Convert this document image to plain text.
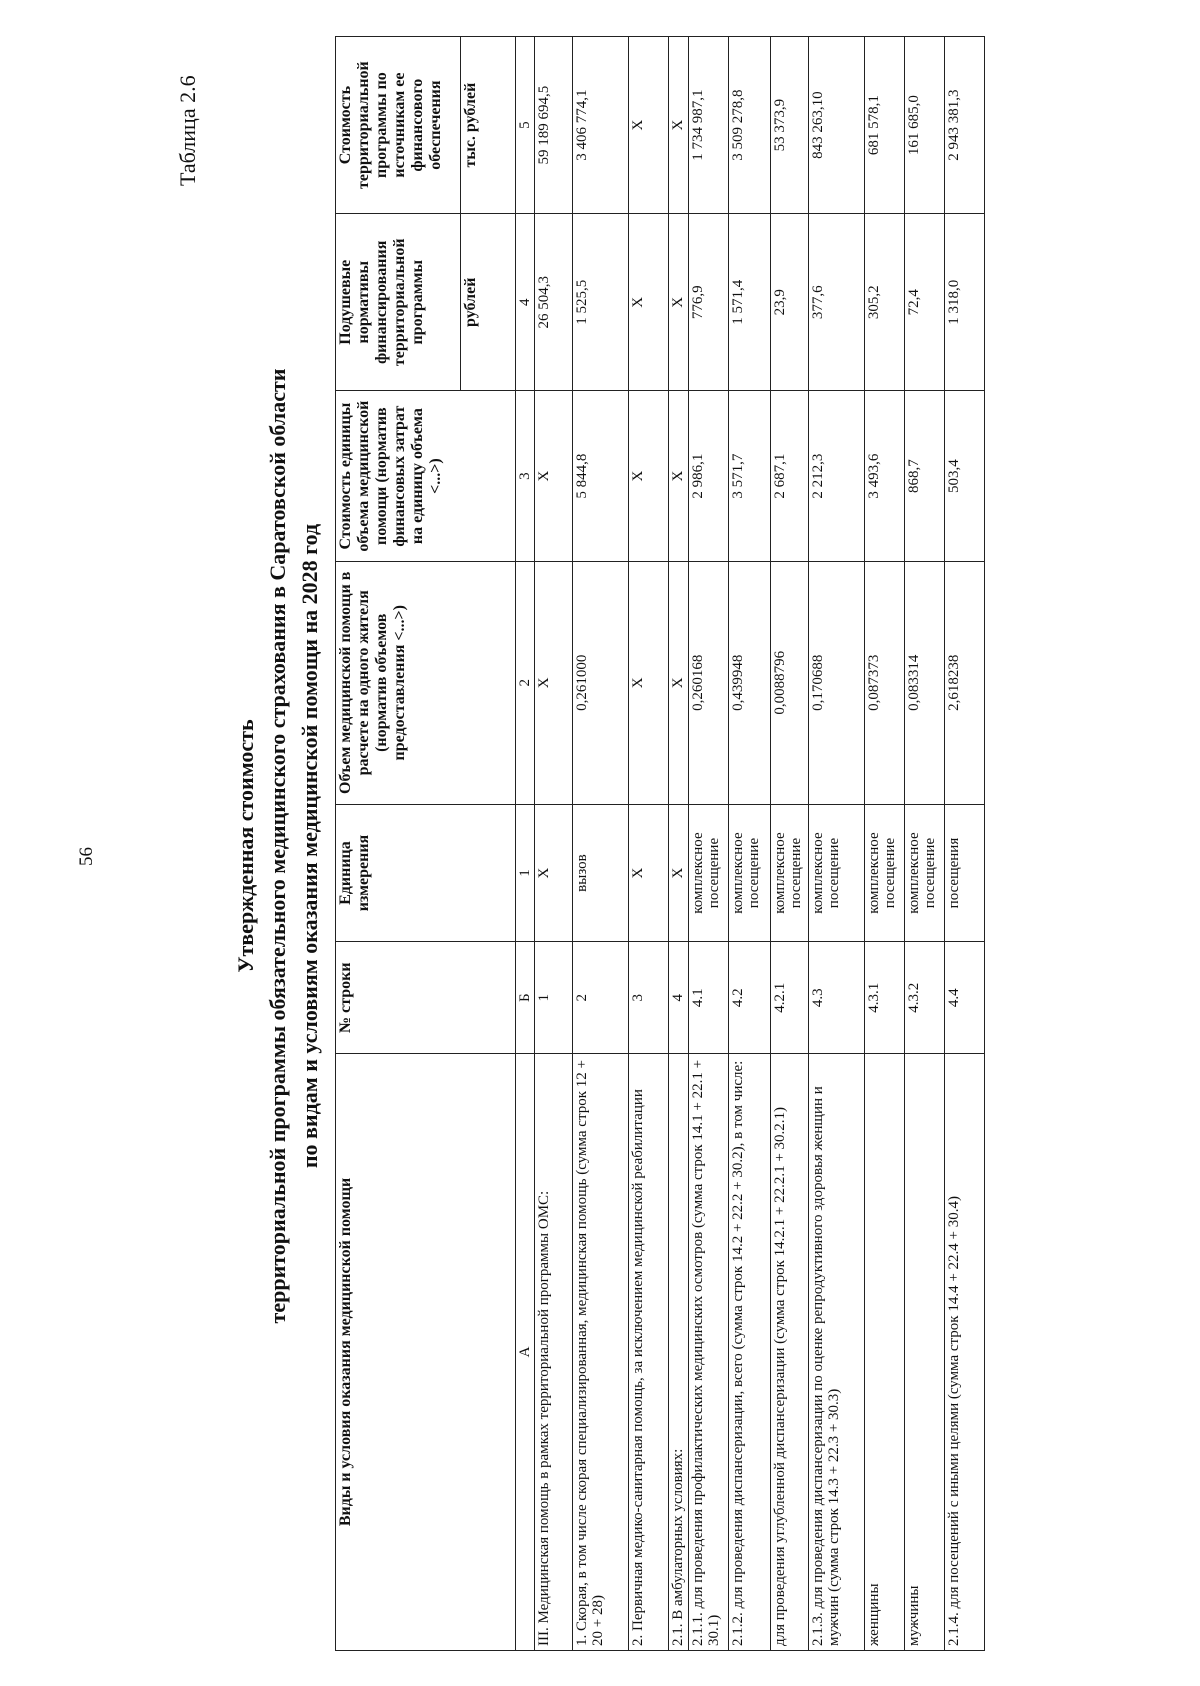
56
Таблица 2.6
Утвержденная стоимость территориальной программы обязательного медицинского страхования в Саратовской области по видам и условиям оказания медицинской помощи на 2028 год
Виды и условия оказания медицинской помощи	№ строки	Единица измерения	Объем медицинской помощи в расчете на одного жителя (норматив объемов предоставления <...>)	Стоимость единицы объема медицинской помощи (норматив финансовых затрат на единицу объема <...>)	Подушевые нормативы финансирования территориальной программы	Стоимость территориальной программы по источникам ее финансового обеспечения
					рублей	тыс. рублей
А	Б	1	2	3	4	5
III. Медицинская помощь в рамках территориальной программы ОМС:	1	X	X	X	26 504,3	59 189 694,5
1. Скорая, в том числе скорая специализированная, медицинская помощь (сумма строк 12 + 20 + 28)	2	вызов	0,261000	5 844,8	1 525,5	3 406 774,1
2. Первичная медико-санитарная помощь, за исключением медицинской реабилитации	3	X	X	X	X	X
2.1. В амбулаторных условиях:	4	X	X	X	X	X
2.1.1. для проведения профилактических медицинских осмотров (сумма строк 14.1 + 22.1 + 30.1)	4.1	комплексное посещение	0,260168	2 986,1	776,9	1 734 987,1
2.1.2. для проведения диспансеризации, всего (сумма строк 14.2 + 22.2 + 30.2), в том числе:	4.2	комплексное посещение	0,439948	3 571,7	1 571,4	3 509 278,8
для проведения углубленной диспансеризации (сумма строк 14.2.1 + 22.2.1 + 30.2.1)	4.2.1	комплексное посещение	0,0088796	2 687,1	23,9	53 373,9
2.1.3. для проведения диспансеризации по оценке репродуктивного здоровья женщин и мужчин (сумма строк 14.3 + 22.3 + 30.3)	4.3	комплексное посещение	0,170688	2 212,3	377,6	843 263,10
женщины	4.3.1	комплексное посещение	0,087373	3 493,6	305,2	681 578,1
мужчины	4.3.2	комплексное посещение	0,083314	868,7	72,4	161 685,0
2.1.4. для посещений с иными целями (сумма строк 14.4 + 22.4 + 30.4)	4.4	посещения	2,618238	503,4	1 318,0	2 943 381,3
